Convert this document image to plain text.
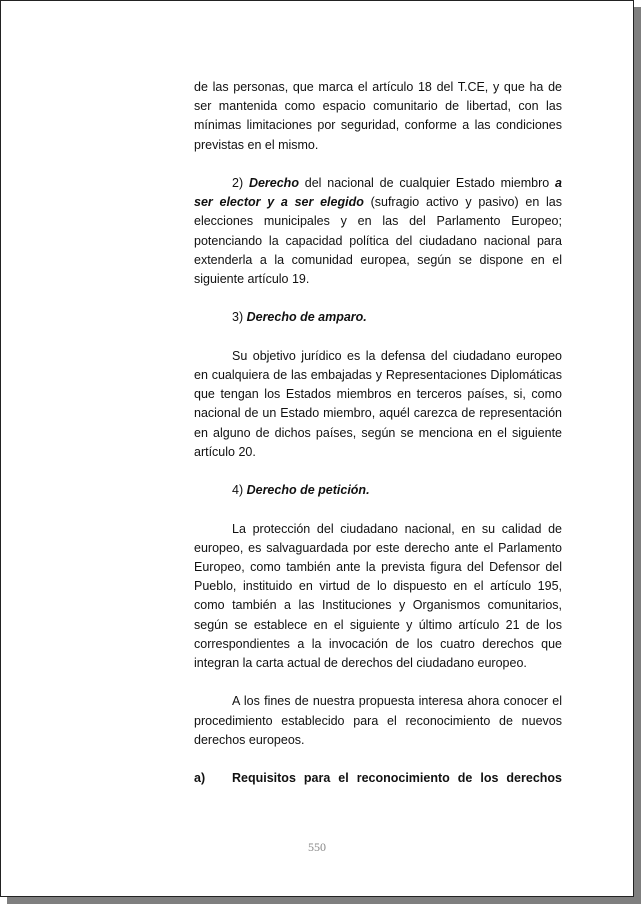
de las personas, que marca el artículo 18 del T.CE, y que ha de ser mantenida como espacio comunitario de libertad, con las mínimas limitaciones por seguridad, conforme a las condiciones previstas en el mismo.

2) Derecho del nacional de cualquier Estado miembro a ser elector y a ser elegido (sufragio activo y pasivo) en las elecciones municipales y en las del Parlamento Europeo; potenciando la capacidad política del ciudadano nacional para extenderla a la comunidad europea, según se dispone en el siguiente artículo 19.

3) Derecho de amparo.

Su objetivo jurídico es la defensa del ciudadano europeo en cualquiera de las embajadas y Representaciones Diplomáticas que tengan los Estados miembros en terceros países, si, como nacional de un Estado miembro, aquél carezca de representación en alguno de dichos países, según se menciona en el siguiente artículo 20.

4) Derecho de petición.

La protección del ciudadano nacional, en su calidad de europeo, es salvaguardada por este derecho ante el Parlamento Europeo, como también ante la prevista figura del Defensor del Pueblo, instituido en virtud de lo dispuesto en el artículo 195, como también a las Instituciones y Organismos comunitarios, según se establece en el siguiente y último artículo 21 de los correspondientes a la invocación de los cuatro derechos que integran la carta actual de derechos del ciudadano europeo.

A los fines de nuestra propuesta interesa ahora conocer el procedimiento establecido para el reconocimiento de nuevos derechos europeos.

a)	Requisitos para el reconocimiento de los derechos
550
